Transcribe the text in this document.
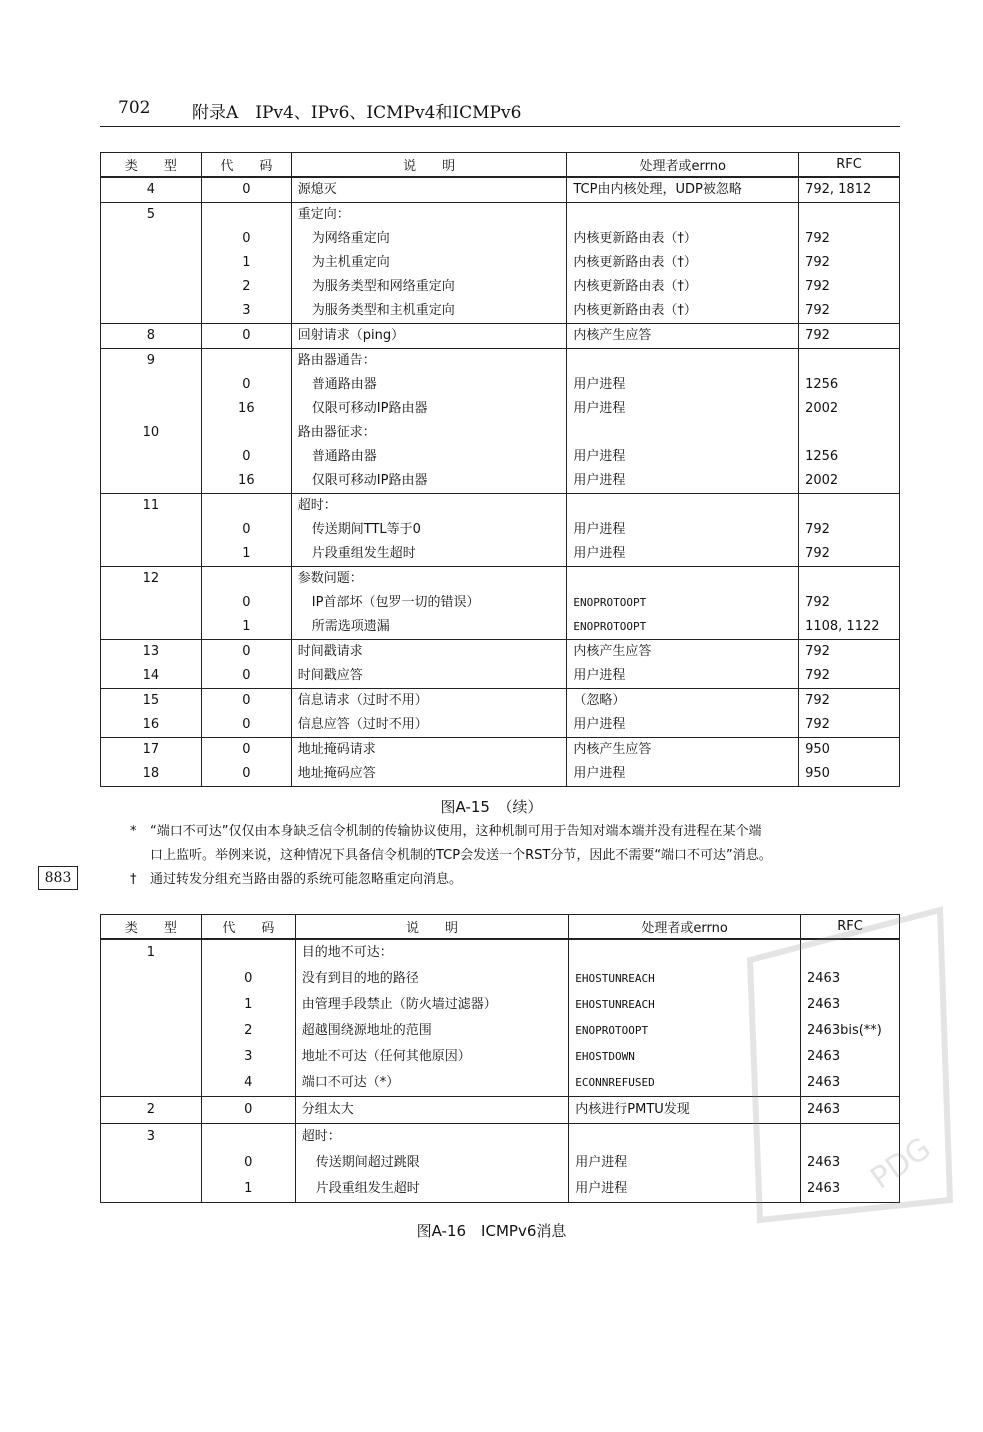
702 附录A　IPv4、IPv6、ICMPv4和ICMPv6
类　　型	代　　码	说　　明	处理者或errno	RFC
4	0	源熄灭	TCP由内核处理，UDP被忽略	792, 1812
5		重定向：		
	0	为网络重定向	内核更新路由表（†）	792
	1	为主机重定向	内核更新路由表（†）	792
	2	为服务类型和网络重定向	内核更新路由表（†）	792
	3	为服务类型和主机重定向	内核更新路由表（†）	792
8	0	回射请求（ping）	内核产生应答	792
9		路由器通告：		
	0	普通路由器	用户进程	1256
	16	仅限可移动IP路由器	用户进程	2002
10		路由器征求：		
	0	普通路由器	用户进程	1256
	16	仅限可移动IP路由器	用户进程	2002
11		超时：		
	0	传送期间TTL等于0	用户进程	792
	1	片段重组发生超时	用户进程	792
12		参数问题：		
	0	IP首部坏（包罗一切的错误）	ENOPROTOOPT	792
	1	所需选项遗漏	ENOPROTOOPT	1108, 1122
13	0	时间戳请求	内核产生应答	792
14	0	时间戳应答	用户进程	792
15	0	信息请求（过时不用）	（忽略）	792
16	0	信息应答（过时不用）	用户进程	792
17	0	地址掩码请求	内核产生应答	950
18	0	地址掩码应答	用户进程	950
图A-15　（续）
* “端口不可达”仅仅由本身缺乏信令机制的传输协议使用，这种机制可用于告知对端本端并没有进程在某个端
口上监听。举例来说，这种情况下具备信令机制的TCP会发送一个RST分节，因此不需要“端口不可达”消息。
† 通过转发分组充当路由器的系统可能忽略重定向消息。
883
类　　型	代　　码	说　　明	处理者或errno	RFC
1		目的地不可达：		
	0	没有到目的地的路径	EHOSTUNREACH	2463
	1	由管理手段禁止（防火墙过滤器）	EHOSTUNREACH	2463
	2	超越围绕源地址的范围	ENOPROTOOPT	2463bis(**)
	3	地址不可达（任何其他原因）	EHOSTDOWN	2463
	4	端口不可达（*）	ECONNREFUSED	2463
2	0	分组太大	内核进行PMTU发现	2463
3		超时：		
	0	传送期间超过跳限	用户进程	2463
	1	片段重组发生超时	用户进程	2463
图A-16　ICMPv6消息
PDG
